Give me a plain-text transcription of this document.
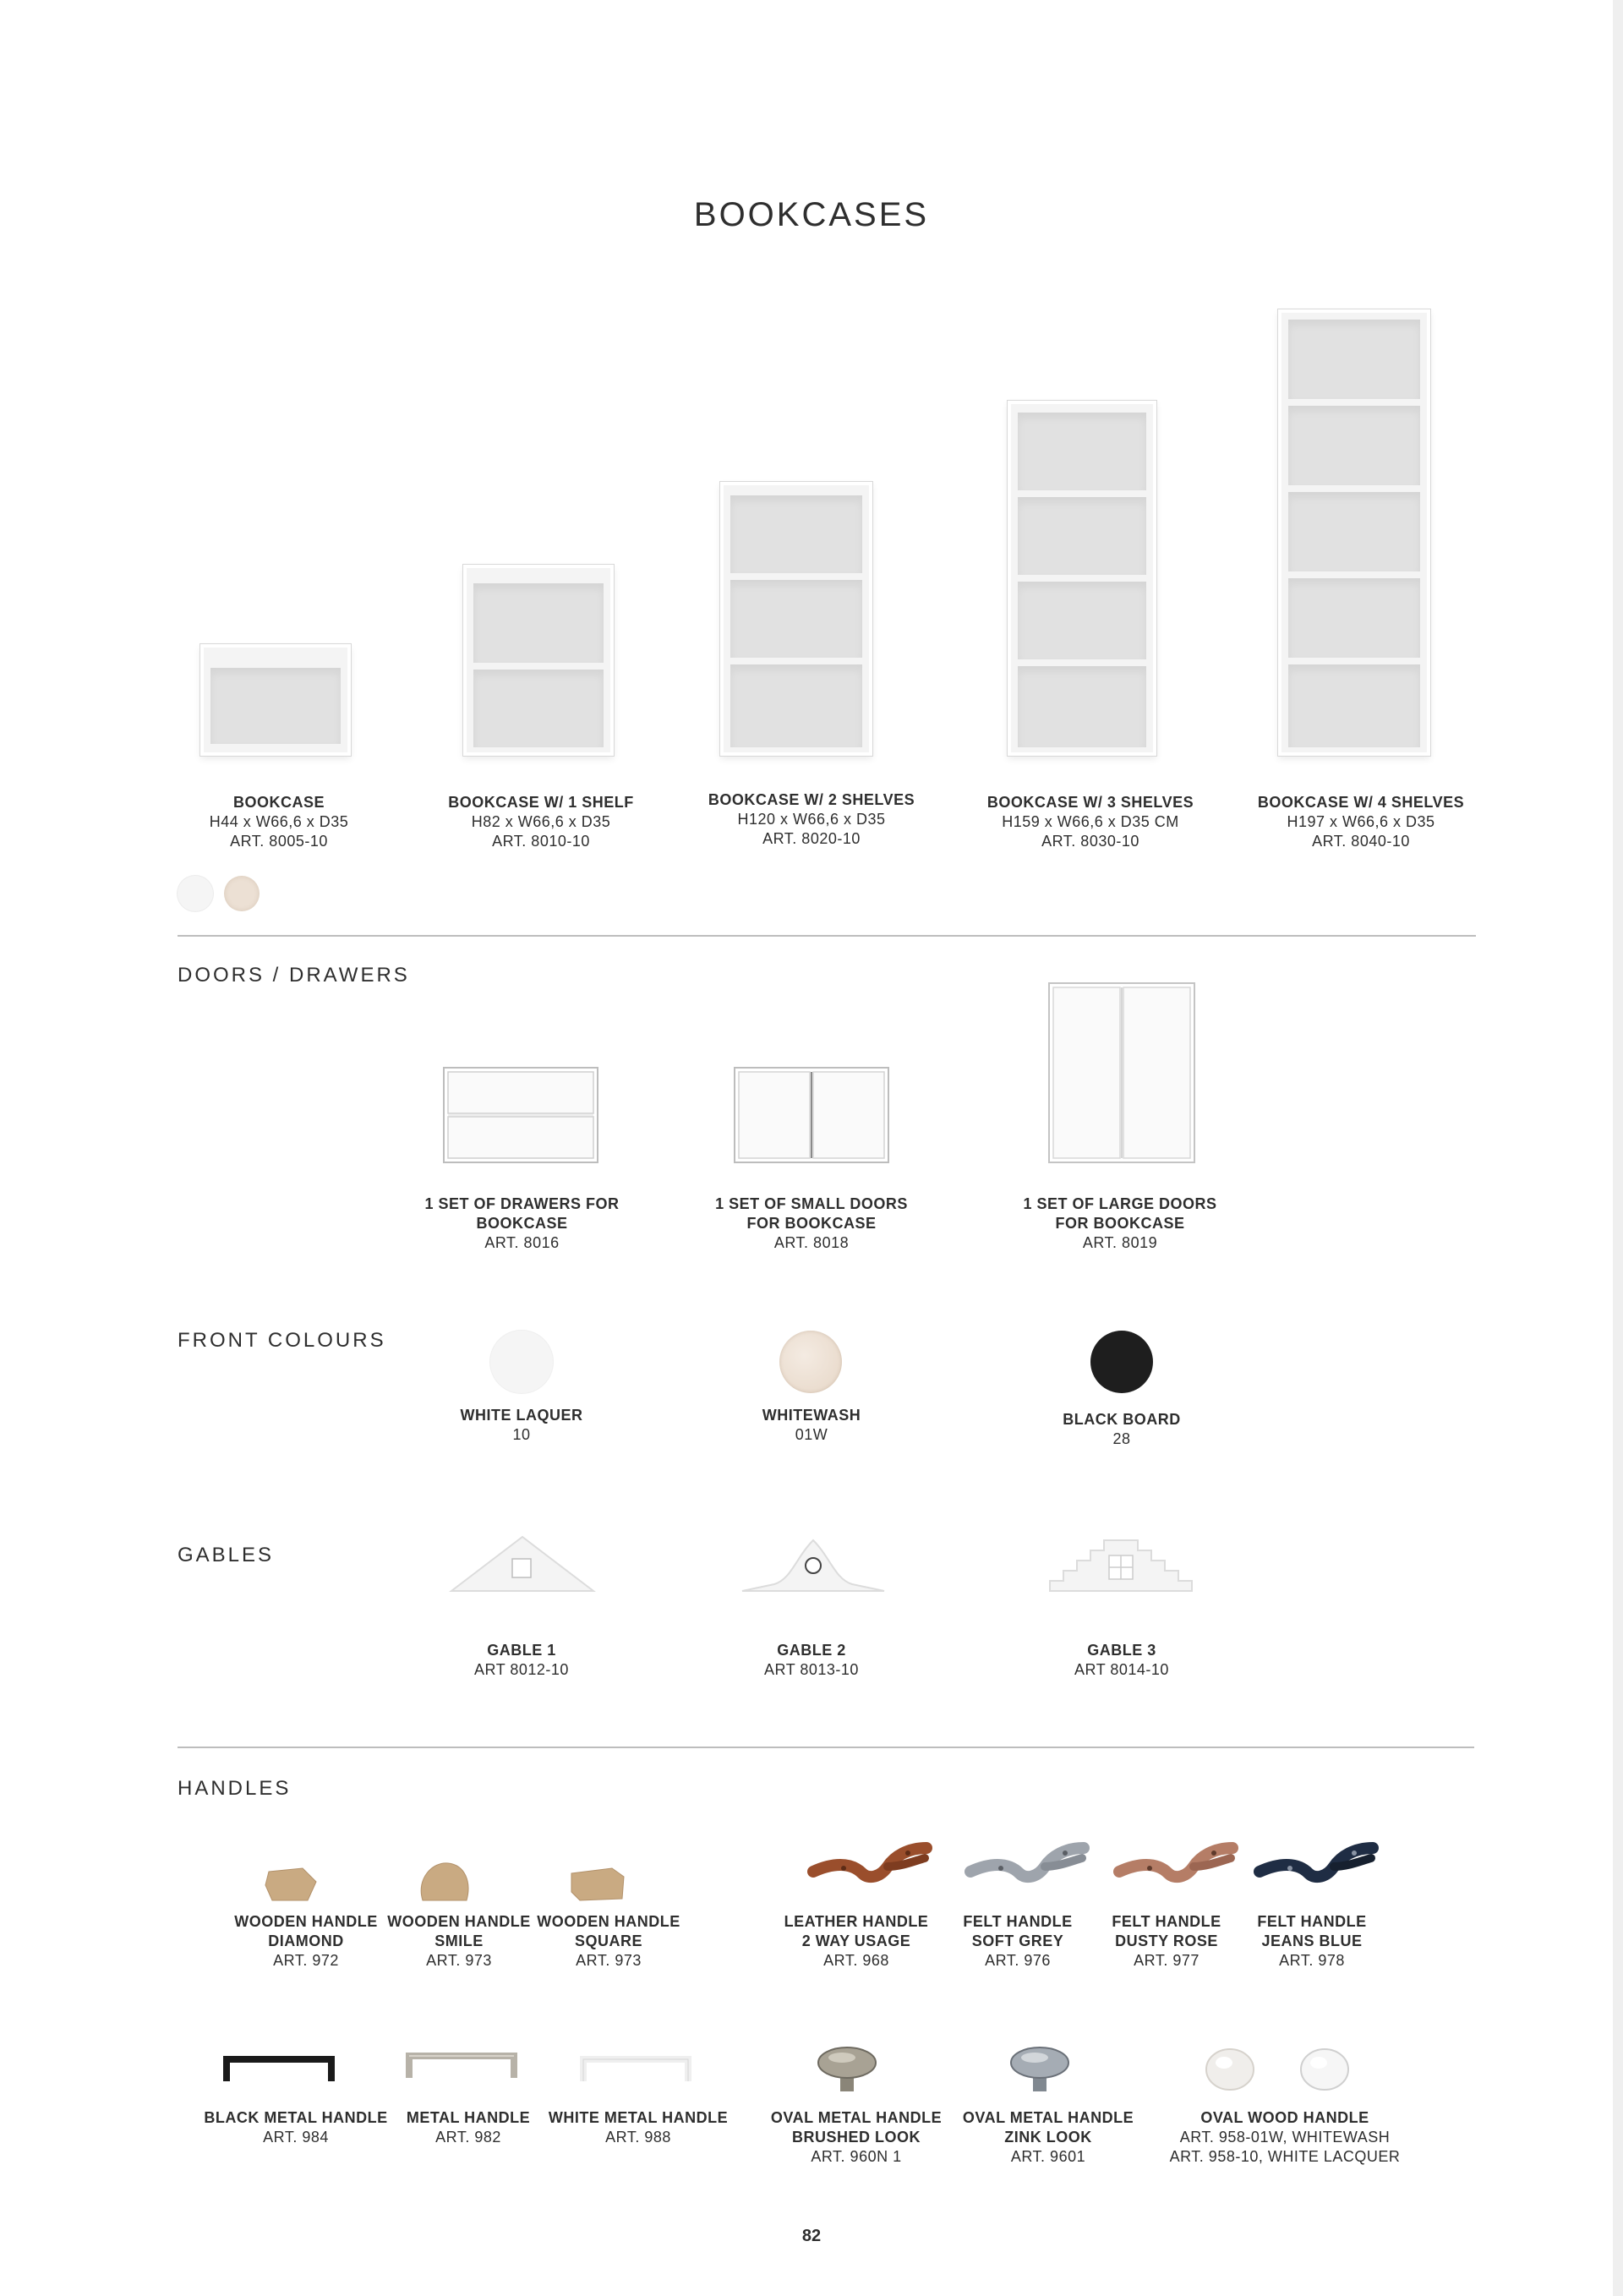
BOOKCASES
BOOKCASE
H44 x W66,6 x D35
ART. 8005-10
BOOKCASE W/ 1 SHELF
H82 x W66,6 x D35
ART. 8010-10
BOOKCASE W/ 2 SHELVES
H120 x W66,6 x D35
ART. 8020-10
BOOKCASE W/ 3 SHELVES
H159 x W66,6 x D35 CM
ART. 8030-10
BOOKCASE W/ 4 SHELVES
H197 x W66,6 x D35
ART. 8040-10
DOORS / DRAWERS
1 SET OF DRAWERS FOR
BOOKCASE
ART. 8016
1 SET OF SMALL DOORS
FOR BOOKCASE
ART. 8018
1 SET OF LARGE DOORS
FOR BOOKCASE
ART. 8019
FRONT COLOURS
WHITE LAQUER
10
WHITEWASH
01W
BLACK BOARD
28
GABLES
GABLE 1
ART 8012-10
GABLE 2
ART 8013-10
GABLE 3
ART 8014-10
HANDLES
WOODEN HANDLE
DIAMOND
ART. 972
WOODEN HANDLE
SMILE
ART. 973
WOODEN HANDLE
SQUARE
ART. 973
LEATHER HANDLE
2 WAY USAGE
ART. 968
FELT HANDLE
SOFT GREY
ART. 976
FELT HANDLE
DUSTY ROSE
ART. 977
FELT HANDLE
JEANS BLUE
ART. 978
BLACK METAL HANDLE
ART. 984
METAL HANDLE
ART. 982
WHITE METAL HANDLE
ART. 988
OVAL METAL HANDLE
BRUSHED LOOK
ART. 960N 1
OVAL METAL HANDLE
ZINK LOOK
ART. 9601
OVAL WOOD HANDLE
ART. 958-01W, WHITEWASH
ART. 958-10, WHITE LACQUER
82
